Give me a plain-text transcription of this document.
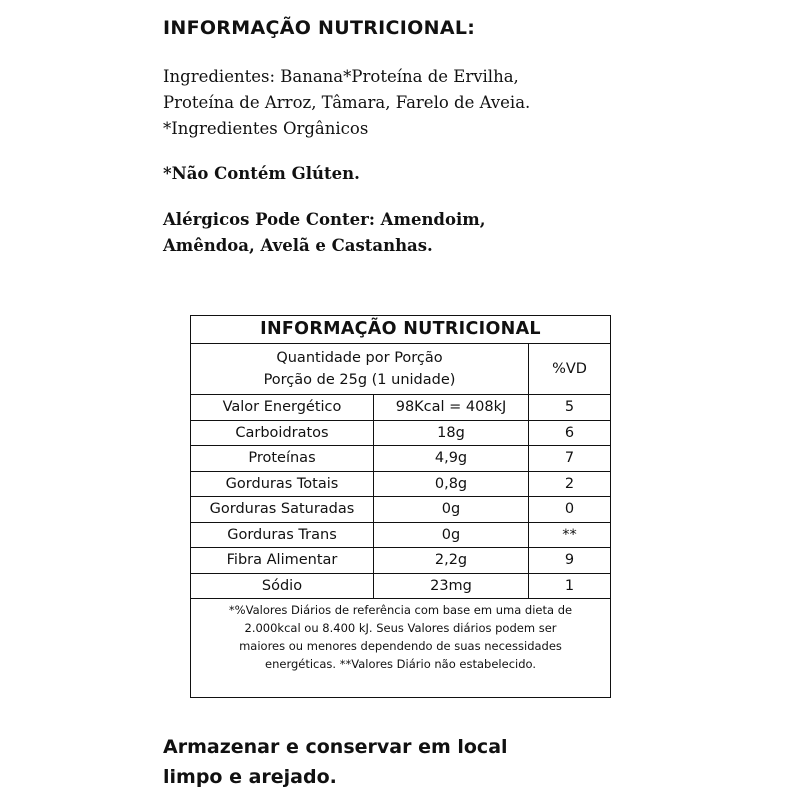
INFORMAÇÃO NUTRICIONAL:
Ingredientes: Banana*Proteína de Ervilha,
Proteína de Arroz, Tâmara, Farelo de Aveia.
*Ingredientes Orgânicos
*Não Contém Glúten.
Alérgicos Pode Conter: Amendoim,
Amêndoa, Avelã e Castanhas.
INFORMAÇÃO NUTRICIONAL		

Quantidade por Porção
Porção de 25g (1 unidade)		%VD
Valor Energético	98Kcal = 408kJ	5
Carboidratos	18g	6
Proteínas	4,9g	7
Gorduras Totais	0,8g	2
Gorduras Saturadas	0g	0
Gorduras Trans	0g	**
Fibra Alimentar	2,2g	9
Sódio	23mg	1

*%Valores Diários de referência com base em uma dieta de
2.000kcal ou 8.400 kJ. Seus Valores diários podem ser
maiores ou menores dependendo de suas necessidades
energéticas. **Valores Diário não estabelecido.		
Armazenar e conservar em local
limpo e arejado.
